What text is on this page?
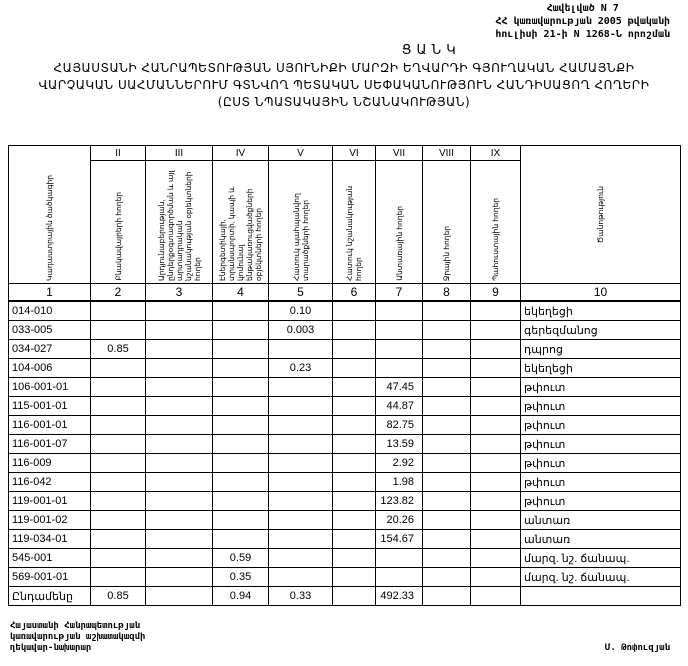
Հավելված N 7
ՀՀ կառավարության 2005 թվականի
հուլիսի 21-ի N 1268-Ն որոշման
Ց Ա Ն Կ
ՀԱՅԱՍՏԱՆԻ ՀԱՆՐԱՊԵՏՈՒԹՅԱՆ ՍՅՈՒՆԻՔԻ ՄԱՐԶԻ ԵՂՎԱՐԴԻ ԳՅՈՒՂԱԿԱՆ ՀԱՄԱՅՆՔԻ
ՎԱՐՉԱԿԱՆ ՍԱՀՄԱՆՆԵՐՈՒՄ ԳՏՆՎՈՂ ՊԵՏԱԿԱՆ ՍԵՓԱԿԱՆՈՒԹՅՈՒՆ ՀԱՆԴԻՍԱՑՈՂ ՀՈՂԵՐԻ
(ԸՍՏ ՆՊԱՏԱԿԱՅԻՆ ՆՇԱՆԱԿՈՒԹՅԱՆ)
Կադաստրային ծածկագիր	II	III	IV	V	VI	VII	VIII	IX	Ծանոթություն

	Բնակավայրերի հողեր	Արդյունաբերության, ընդերքօգտագործման և այլ արտադրական նշանակության օբյեկտների հողեր	Էներգետիկայի, տրանսպորտի, կապի և կոմունալ ենթակառուցվածքների օբյեկտների հողեր	Հատուկ պահպանվող տարածքների հողեր	Հատուկ նշանակության հողեր	Անտառային հողեր	Ջրային հողեր	Պահուստային հողեր	

1	2	3	4	5	6	7	8	9	10
014-010				0.10					եկեղեցի
033-005				0.003					գերեզմանոց
034-027	0.85								դպրոց
104-006				0.23					եկեղեցի
106-001-01						47.45			թփուտ
115-001-01						44.87			թփուտ
116-001-01						82.75			թփուտ
116-001-07						13.59			թփուտ
116-009						2.92			թփուտ
116-042						1.98			թփուտ
119-001-01						123.82			թփուտ
119-001-02						20.26			անտառ
119-034-01						154.67			անտառ
545-001			0.59						մարզ. նշ. ճանապ.
569-001-01			0.35						մարզ. նշ. ճանապ.
Ընդամենը	0.85		0.94	0.33		492.33			
Հայաստանի Հանրապետության
կառավարության աշխատակազմի
ղեկավար-նախարար	Մ. Թոփուզյան
